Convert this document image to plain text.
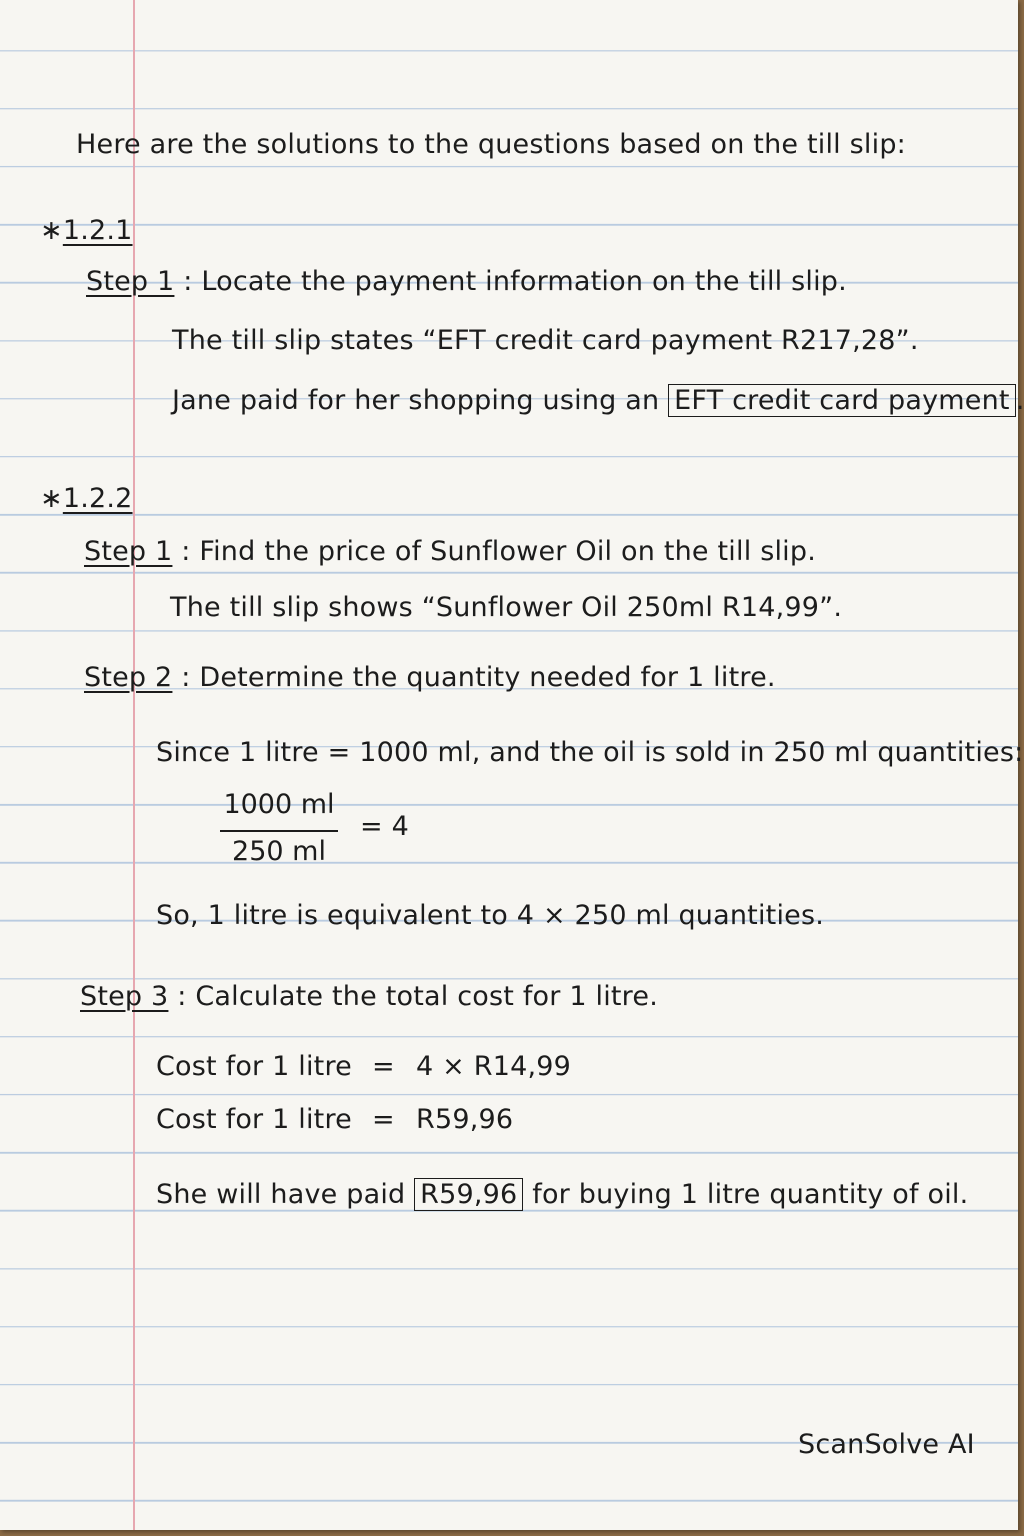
Here are the solutions to the questions based on the till slip:
∗1.2.1
Step 1 : Locate the payment information on the till slip.
The till slip states “EFT credit card payment R217,28”.
Jane paid for her shopping using an EFT credit card payment .
∗1.2.2
Step 1 : Find the price of Sunflower Oil on the till slip.
The till slip shows “Sunflower Oil 250ml R14,99”.
Step 2 : Determine the quantity needed for 1 litre.
Since 1 litre = 1000 ml, and the oil is sold in 250 ml quantities:
1000 ml
250 ml
= 4
So, 1 litre is equivalent to 4 × 250 ml quantities.
Step 3 : Calculate the total cost for 1 litre.
Cost for 1 litre = 4 × R14,99
Cost for 1 litre = R59,96
She will have paid R59,96 for buying 1 litre quantity of oil.
ScanSolve AI
